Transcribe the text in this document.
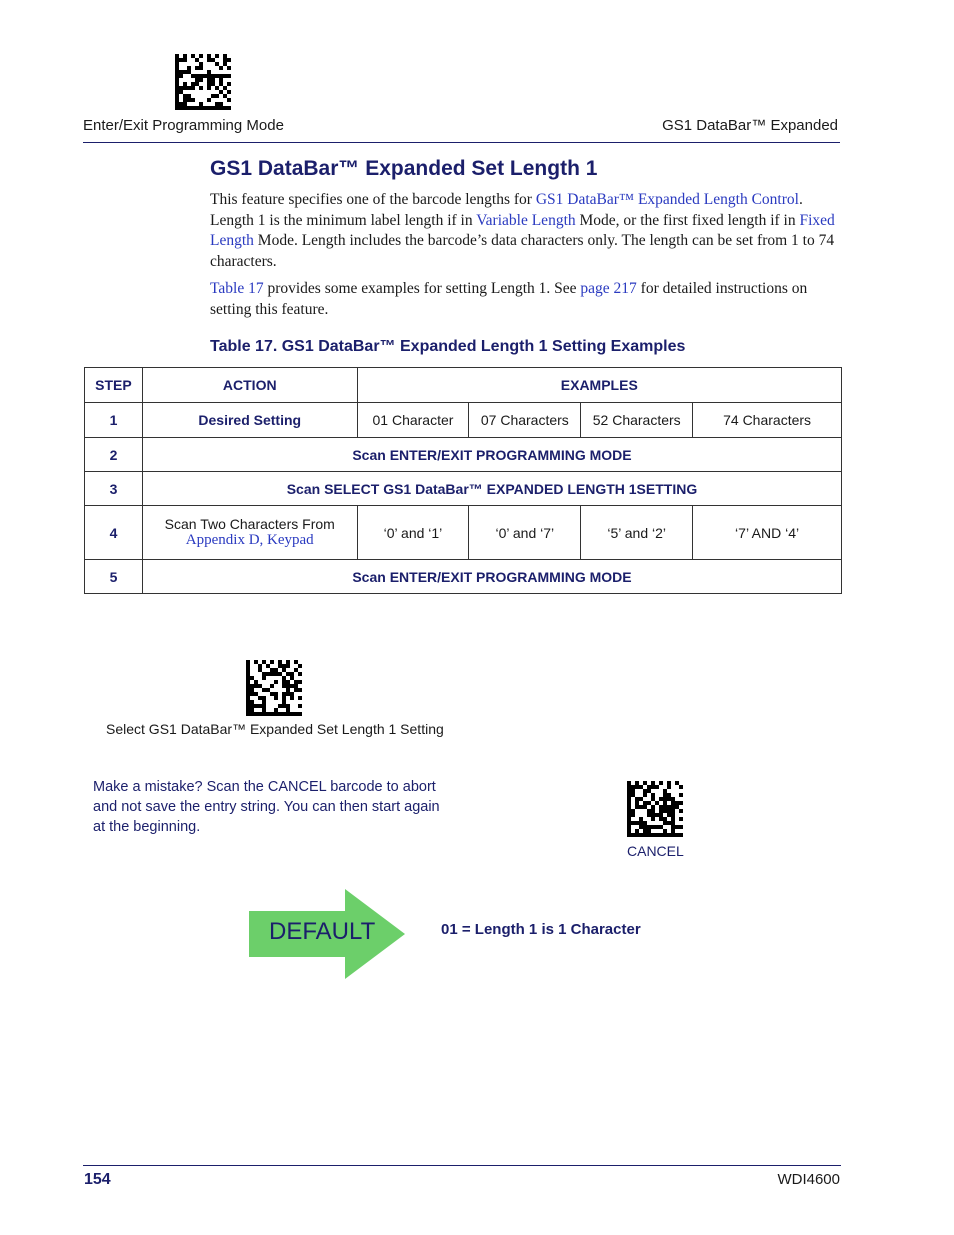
Enter/Exit Programming Mode	GS1 DataBar™ Expanded
GS1 DataBar™ Expanded Set Length 1
This feature specifies one of the barcode lengths for GS1 DataBar™ Expanded Length Control. Length 1 is the minimum label length if in Variable Length Mode, or the first fixed length if in Fixed Length Mode. Length includes the barcode’s data characters only. The length can be set from 1 to 74 characters.
Table 17 provides some examples for setting Length 1. See page 217 for detailed instructions on setting this feature.
Table 17. GS1 DataBar™ Expanded Length 1 Setting Examples
STEP	ACTION	EXAMPLES			
1	Desired Setting	01 Character	07 Characters	52 Characters	74 Characters
2	Scan ENTER/EXIT PROGRAMMING MODE				
3	Scan SELECT GS1 DataBar™ EXPANDED LENGTH 1SETTING				
4	Scan Two Characters From
Appendix D, Keypad	‘0’ and ‘1’	‘0’ and ‘7’	‘5’ and ‘2’	‘7’ AND ‘4’
5	Scan ENTER/EXIT PROGRAMMING MODE				
Select GS1 DataBar™ Expanded Set Length 1 Setting
Make a mistake? Scan the CANCEL barcode to abort and not save the entry string. You can then start again at the beginning.
CANCEL
DEFAULT	01 = Length 1 is 1 Character
154	WDI4600
